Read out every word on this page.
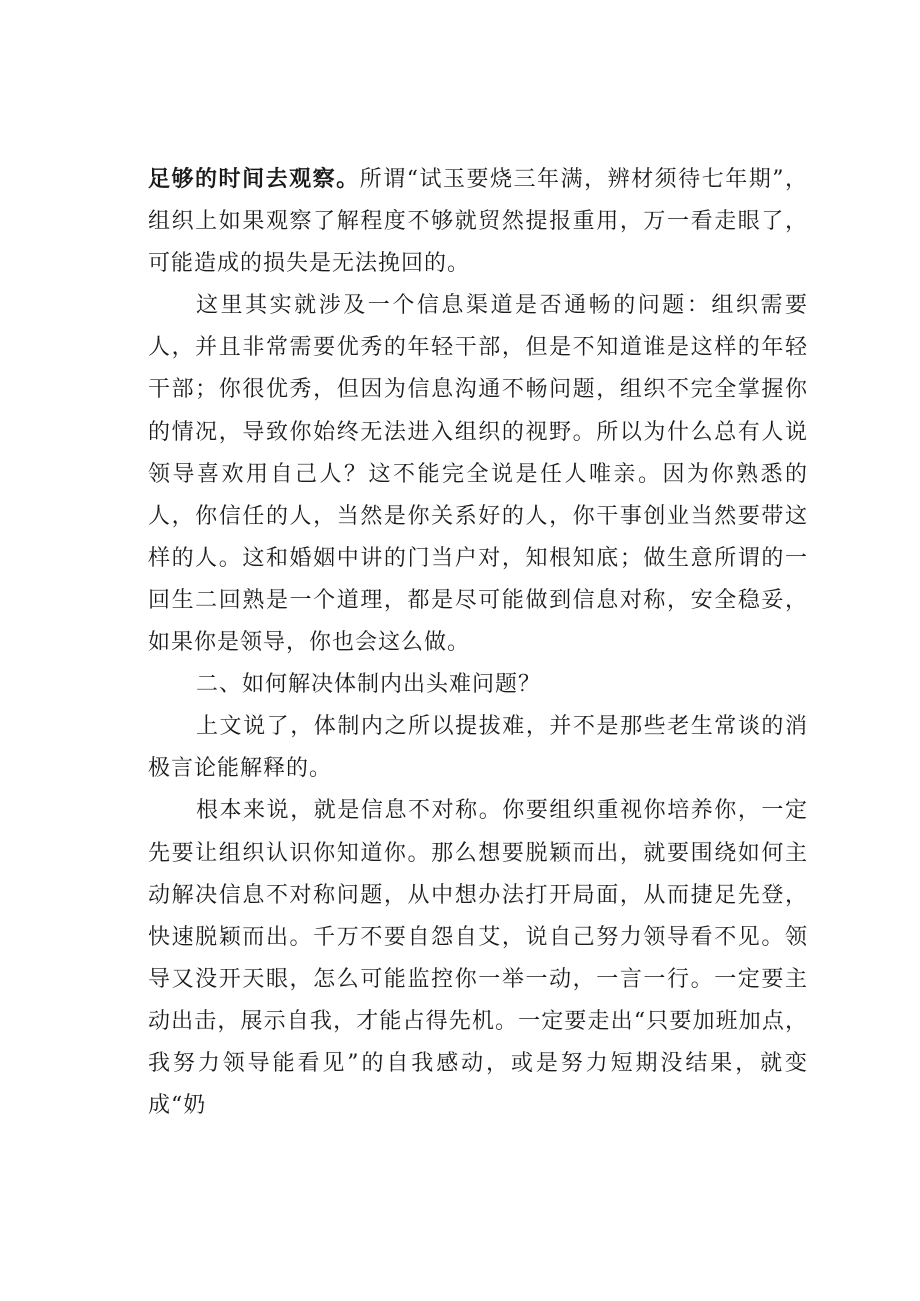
足够的时间去观察。所谓“试玉要烧三年满，辨材须待七年期”，组织上如果观察了解程度不够就贸然提报重用，万一看走眼了，可能造成的损失是无法挽回的。

这里其实就涉及一个信息渠道是否通畅的问题：组织需要人，并且非常需要优秀的年轻干部，但是不知道谁是这样的年轻干部；你很优秀，但因为信息沟通不畅问题，组织不完全掌握你的情况，导致你始终无法进入组织的视野。所以为什么总有人说领导喜欢用自己人？这不能完全说是任人唯亲。因为你熟悉的人，你信任的人，当然是你关系好的人，你干事创业当然要带这样的人。这和婚姻中讲的门当户对，知根知底；做生意所谓的一回生二回熟是一个道理，都是尽可能做到信息对称，安全稳妥，如果你是领导，你也会这么做。

二、如何解决体制内出头难问题？

上文说了，体制内之所以提拔难，并不是那些老生常谈的消极言论能解释的。

根本来说，就是信息不对称。你要组织重视你培养你，一定先要让组织认识你知道你。那么想要脱颖而出，就要围绕如何主动解决信息不对称问题，从中想办法打开局面，从而捷足先登，快速脱颖而出。千万不要自怨自艾，说自己努力领导看不见。领导又没开天眼，怎么可能监控你一举一动，一言一行。一定要主动出击，展示自我，才能占得先机。一定要走出“只要加班加点，我努力领导能看见”的自我感动，或是努力短期没结果，就变成“奶
